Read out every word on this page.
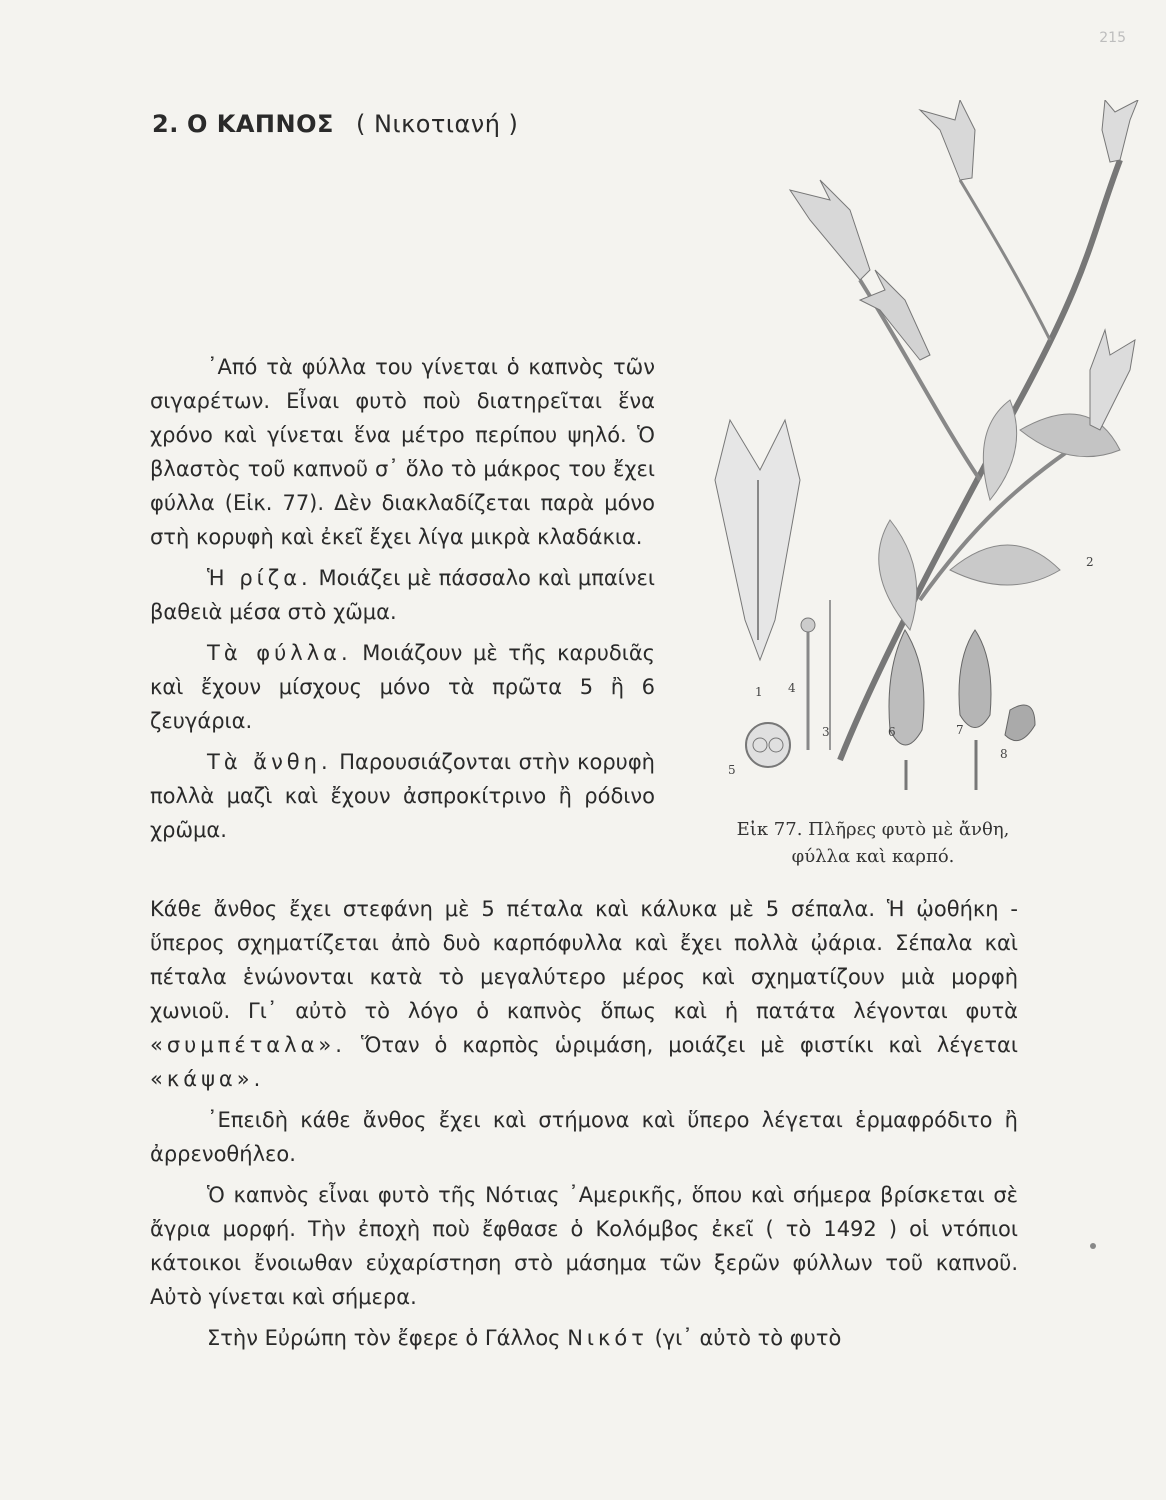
215
2. Ο ΚΑΠΝΟΣ ( Νικοτιανή )

᾿Από τὰ φύλλα του γίνεται ὁ καπνὸς τῶν σιγαρέτων. Εἶναι φυτὸ ποὺ διατηρεῖται ἕνα χρόνο καὶ γίνεται ἕνα μέτρο περίπου ψηλό. Ὁ βλαστὸς τοῦ καπνοῦ σ᾿ ὅλο τὸ μάκρος του ἔχει φύλλα (Εἰκ. 77). Δὲν διακλαδίζεται παρὰ μόνο στὴ κορυφὴ καὶ ἐκεῖ ἔχει λίγα μικρὰ κλαδάκια.

Ἡ ρίζα. Μοιάζει μὲ πάσσαλο καὶ μπαίνει βαθειὰ μέσα στὸ χῶμα.

Τὰ φύλλα. Μοιάζουν μὲ τῆς καρυδιᾶς καὶ ἔχουν μίσχους μόνο τὰ πρῶτα 5 ἢ 6 ζευγάρια.

Τὰ ἄνθη. Παρουσιάζονται στὴν κορυφὴ πολλὰ μαζὶ καὶ ἔχουν ἀσπροκίτρινο ἢ ρόδινο χρῶμα.

1
2
3
4
5
6	7
8
Εἰκ 77. Πλῆρες φυτὸ μὲ ἄνθη, φύλλα καὶ καρπό.

Κάθε ἄνθος ἔχει στεφάνη μὲ 5 πέταλα καὶ κάλυκα μὲ 5 σέπαλα. Ἡ ᾠοθήκη - ὕπερος σχηματίζεται ἀπὸ δυὸ καρπόφυλλα καὶ ἔχει πολλὰ ᾠάρια. Σέπαλα καὶ πέταλα ἑνώνονται κατὰ τὸ μεγαλύτερο μέρος καὶ σχηματίζουν μιὰ μορφὴ χωνιοῦ. Γι᾿ αὐτὸ τὸ λόγο ὁ καπνὸς ὅπως καὶ ἡ πατάτα λέγονται φυτὰ «συμπέταλα». Ὅταν ὁ καρπὸς ὡριμάση, μοιάζει μὲ φιστίκι καὶ λέγεται «κάψα».

᾿Επειδὴ κάθε ἄνθος ἔχει καὶ στήμονα καὶ ὕπερο λέγεται ἑρμαφρόδιτο ἢ ἀρρενοθήλεο.

Ὁ καπνὸς εἶναι φυτὸ τῆς Νότιας ᾿Αμερικῆς, ὅπου καὶ σήμερα βρίσκεται σὲ ἄγρια μορφή. Τὴν ἐποχὴ ποὺ ἔφθασε ὁ Κολόμβος ἐκεῖ ( τὸ 1492 ) οἱ ντόπιοι κάτοικοι ἔνοιωθαν εὐχαρίστηση στὸ μάσημα τῶν ξερῶν φύλλων τοῦ καπνοῦ. Αὐτὸ γίνεται καὶ σήμερα.

Στὴν Εὐρώπη τὸν ἔφερε ὁ Γάλλος Νικότ (γι᾿ αὐτὸ τὸ φυτὸ
